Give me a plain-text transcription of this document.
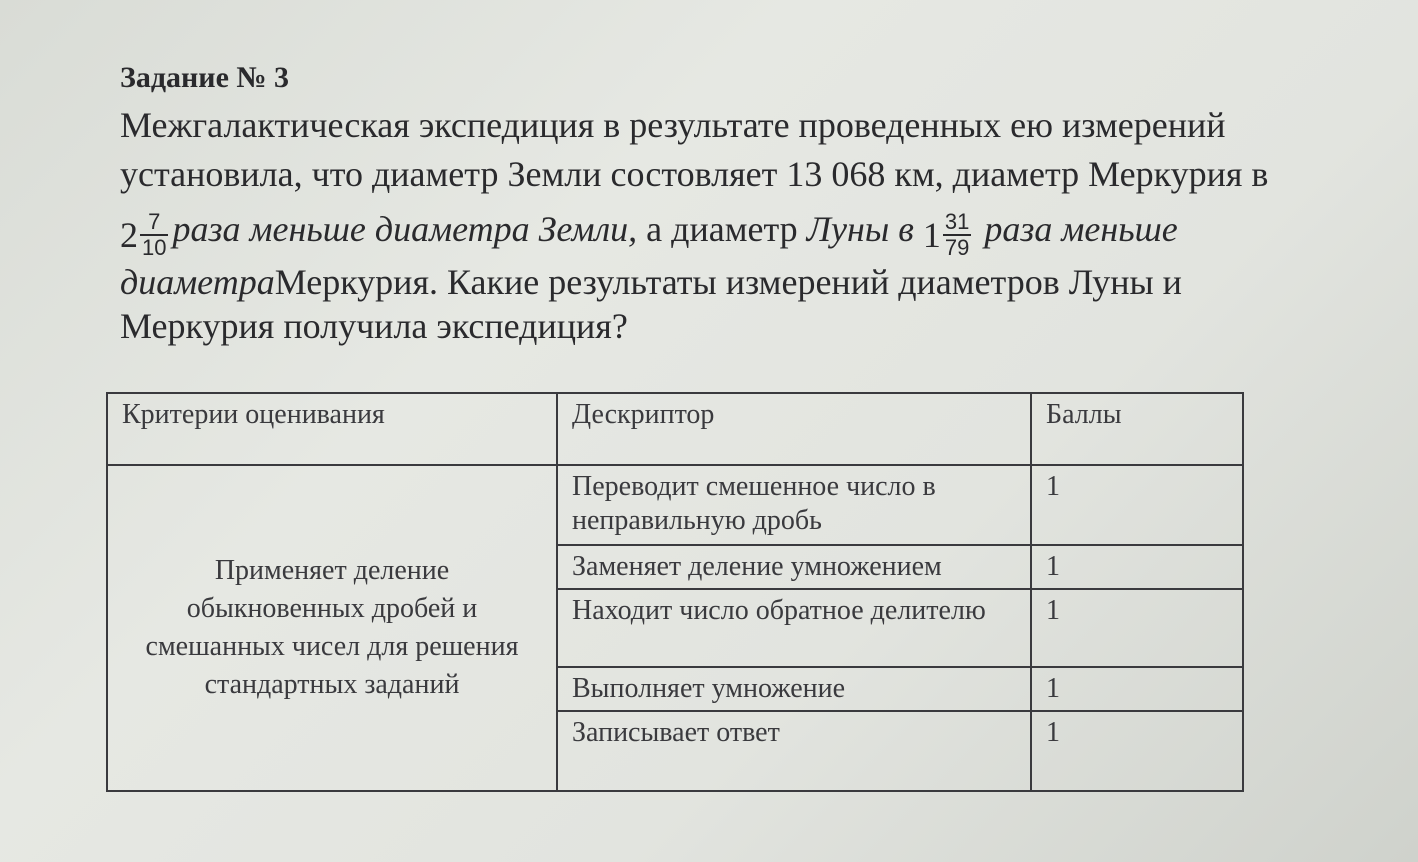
Задание № 3
Межгалактическая экспедиция в результате проведенных ею измерений
установила, что диаметр Земли состовляет 13 068 км, диаметр Меркурия в
$2 \frac{7}{10}$ раза меньше диаметра Земли, а диаметр Луны в $1 \frac{31}{79}$ раза меньше
диаметраМеркурия. Какие результаты измерений диаметров Луны и
Меркурия получила экспедиция?
Критерии оценивания	Дескриптор	Баллы
Применяет деление обыкновенных дробей и смешанных чисел для решения стандартных заданий	Переводит смешенное число в неправильную дробь	1
	Заменяет деление умножением	1
	Находит число обратное делителю	1
	Выполняет умножение	1
	Записывает ответ	1
